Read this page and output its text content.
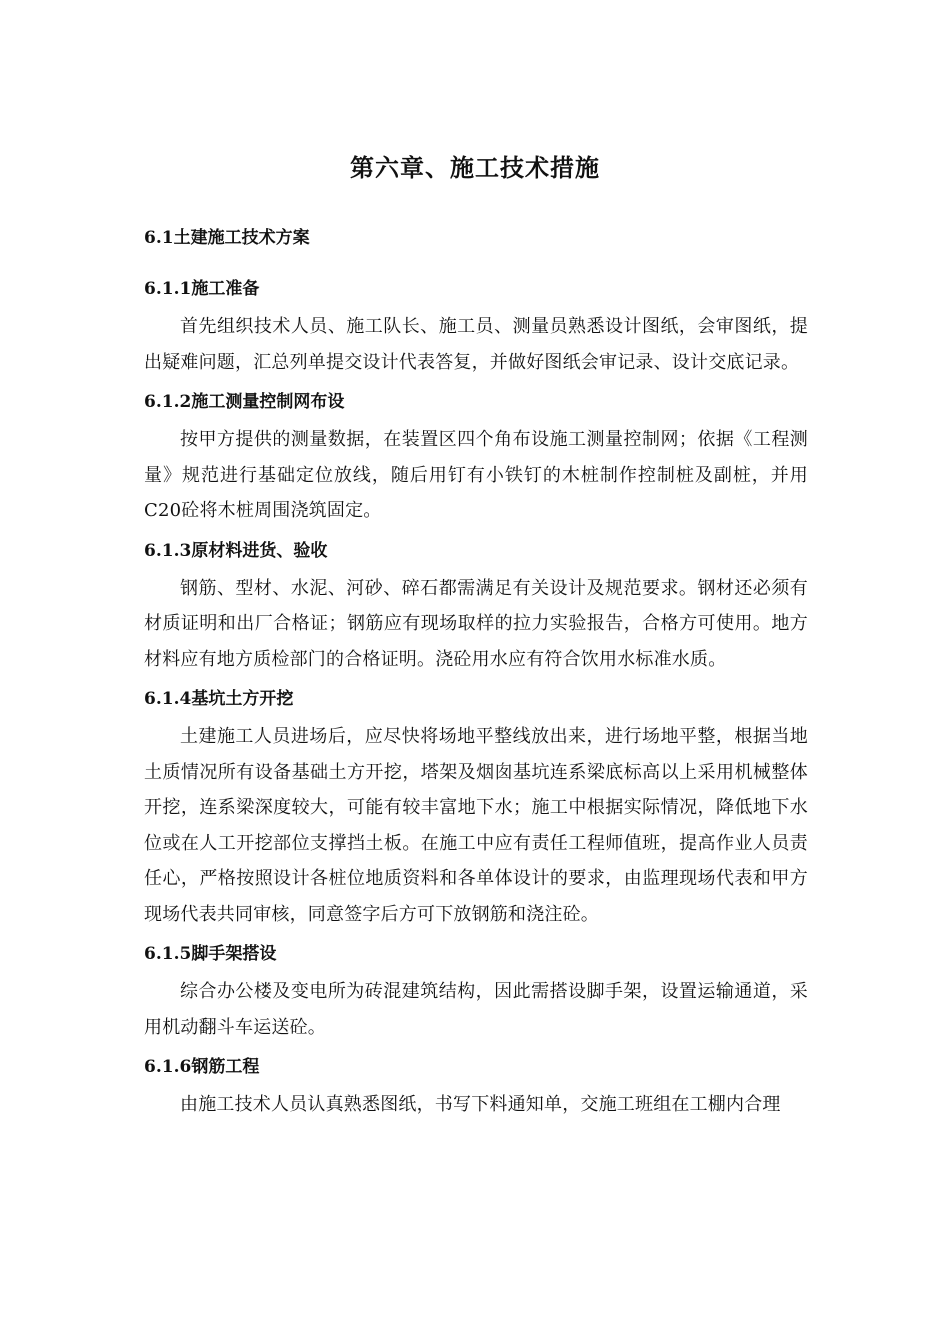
第六章、施工技术措施
6.1土建施工技术方案
6.1.1施工准备

首先组织技术人员、施工队长、施工员、测量员熟悉设计图纸，会审图纸，提出疑难问题，汇总列单提交设计代表答复，并做好图纸会审记录、设计交底记录。

6.1.2施工测量控制网布设

按甲方提供的测量数据，在装置区四个角布设施工测量控制网；依据《工程测量》规范进行基础定位放线，随后用钉有小铁钉的木桩制作控制桩及副桩，并用C20砼将木桩周围浇筑固定。

6.1.3原材料进货、验收

钢筋、型材、水泥、河砂、碎石都需满足有关设计及规范要求。钢材还必须有材质证明和出厂合格证；钢筋应有现场取样的拉力实验报告，合格方可使用。地方材料应有地方质检部门的合格证明。浇砼用水应有符合饮用水标准水质。

6.1.4基坑土方开挖

土建施工人员进场后，应尽快将场地平整线放出来，进行场地平整，根据当地土质情况所有设备基础土方开挖，塔架及烟囱基坑连系梁底标高以上采用机械整体开挖，连系梁深度较大，可能有较丰富地下水；施工中根据实际情况，降低地下水位或在人工开挖部位支撑挡土板。在施工中应有责任工程师值班，提高作业人员责任心，严格按照设计各桩位地质资料和各单体设计的要求，由监理现场代表和甲方现场代表共同审核，同意签字后方可下放钢筋和浇注砼。

6.1.5脚手架搭设

综合办公楼及变电所为砖混建筑结构，因此需搭设脚手架，设置运输通道，采用机动翻斗车运送砼。

6.1.6钢筋工程

由施工技术人员认真熟悉图纸，书写下料通知单，交施工班组在工棚内合理
